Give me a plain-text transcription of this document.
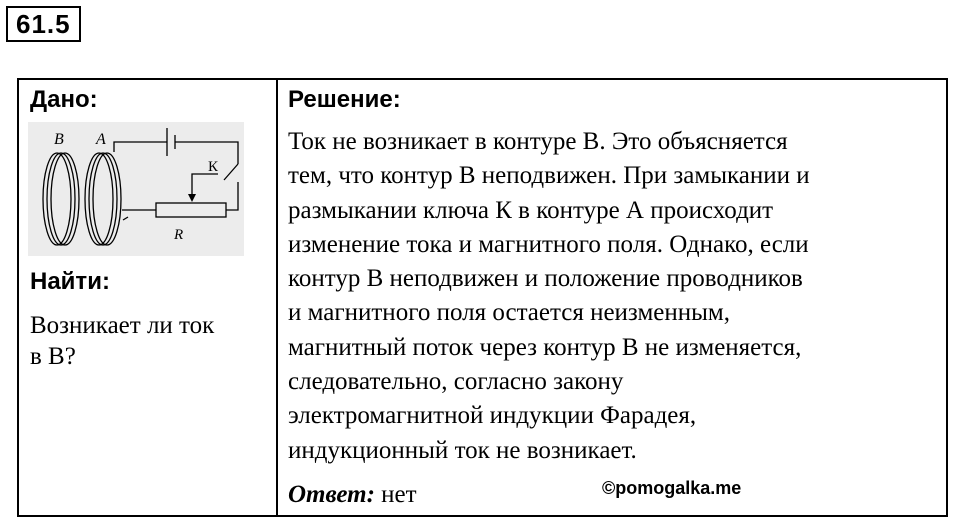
61.5
Дано:
B A
К
R
Найти:
Возникает ли ток
в В?
Решение:
Ток не возникает в контуре В. Это объясняется
тем, что контур В неподвижен. При замыкании и
размыкании ключа К в контуре А происходит
изменение тока и магнитного поля. Однако, если
контур В неподвижен и положение проводников
и магнитного поля остается неизменным,
магнитный поток через контур В не изменяется,
следовательно, согласно закону
электромагнитной индукции Фарадея,
индукционный ток не возникает.
Ответ: нет	©pomogalka.me
